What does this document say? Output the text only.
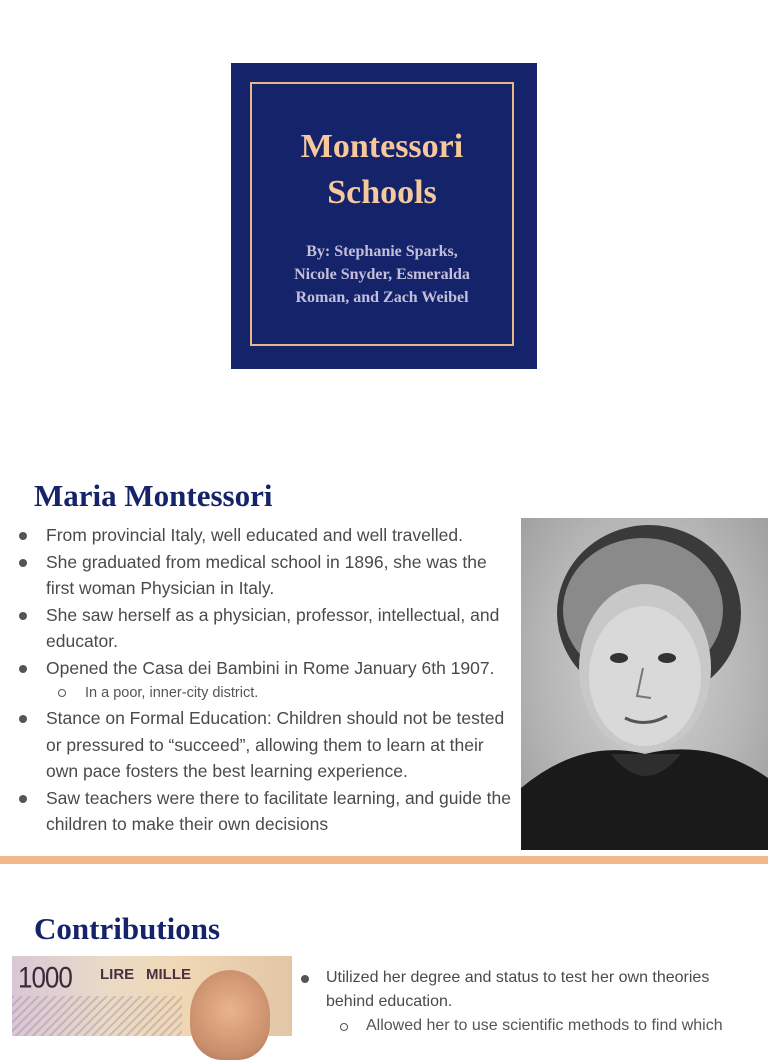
Montessori
Schools
By: Stephanie Sparks,
Nicole Snyder, Esmeralda
Roman, and Zach Weibel
Maria Montessori
From provincial Italy, well educated and well travelled.
She graduated from medical school in 1896, she was the first woman Physician in Italy.
She saw herself as a physician, professor, intellectual, and educator.
Opened the Casa dei Bambini in Rome January 6th 1907.
In a poor, inner-city district.
Stance on Formal Education: Children should not be tested or pressured to “succeed”, allowing them to learn at their own pace fosters the best learning experience.
Saw teachers were there to facilitate learning, and guide the children to make their own decisions
Contributions
1000 LIRE MILLE	Utilized her degree and status to test her own theories behind education.
Allowed her to use scientific methods to find which
